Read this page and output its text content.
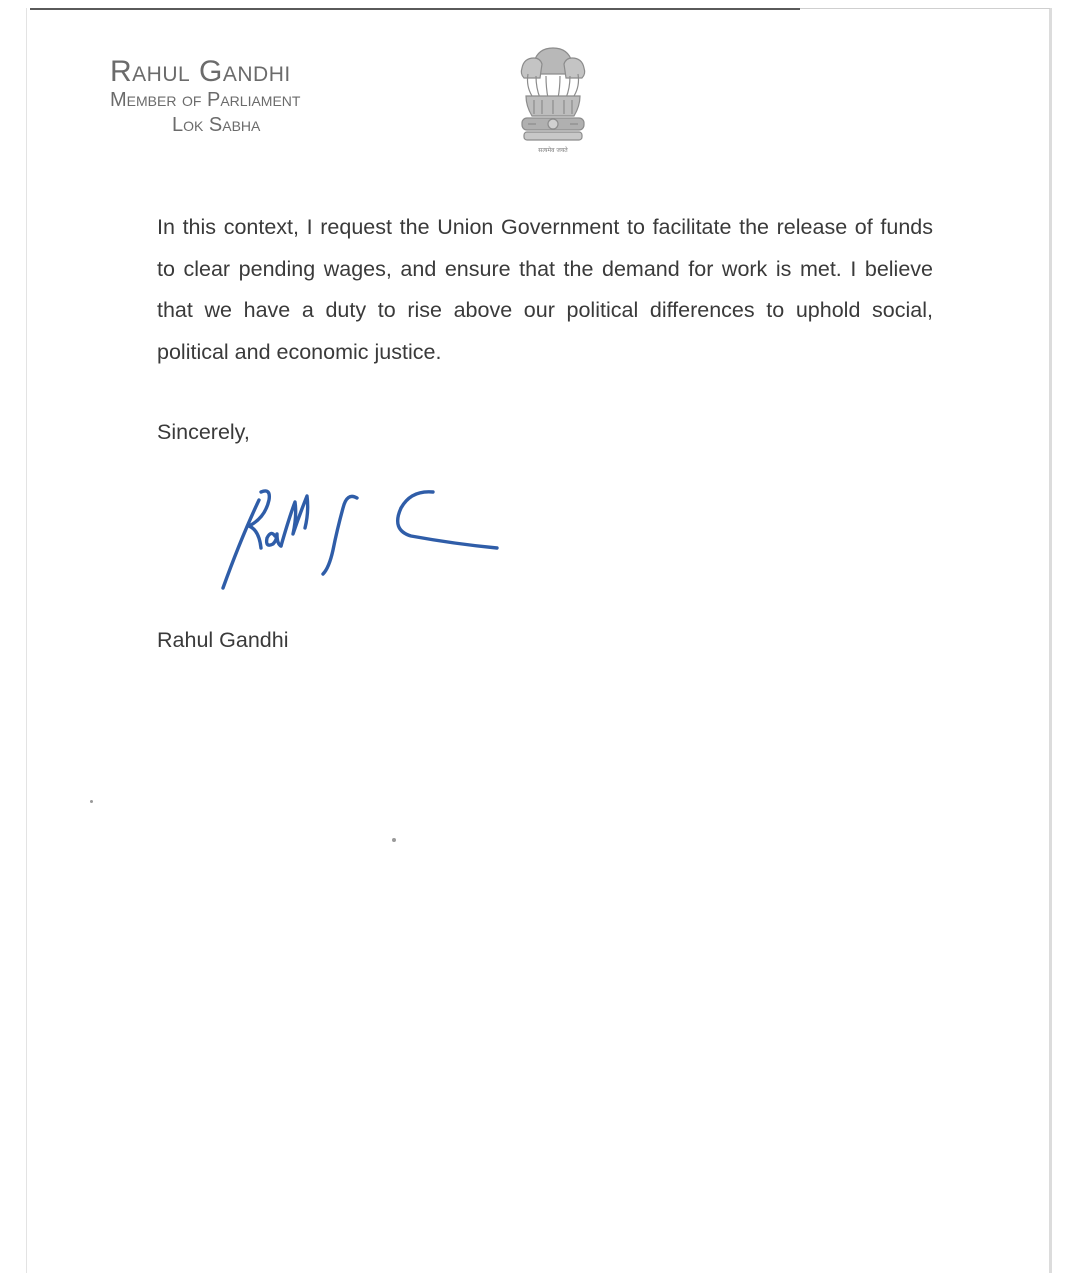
Rahul Gandhi
Member of Parliament
Lok Sabha
सत्यमेव जयते

In this context, I request the Union Government to facilitate the release of funds to clear pending wages, and ensure that the demand for work is met. I believe that we have a duty to rise above our political differences to uphold social, political and economic justice.

Sincerely,

Rahul Gandhi
